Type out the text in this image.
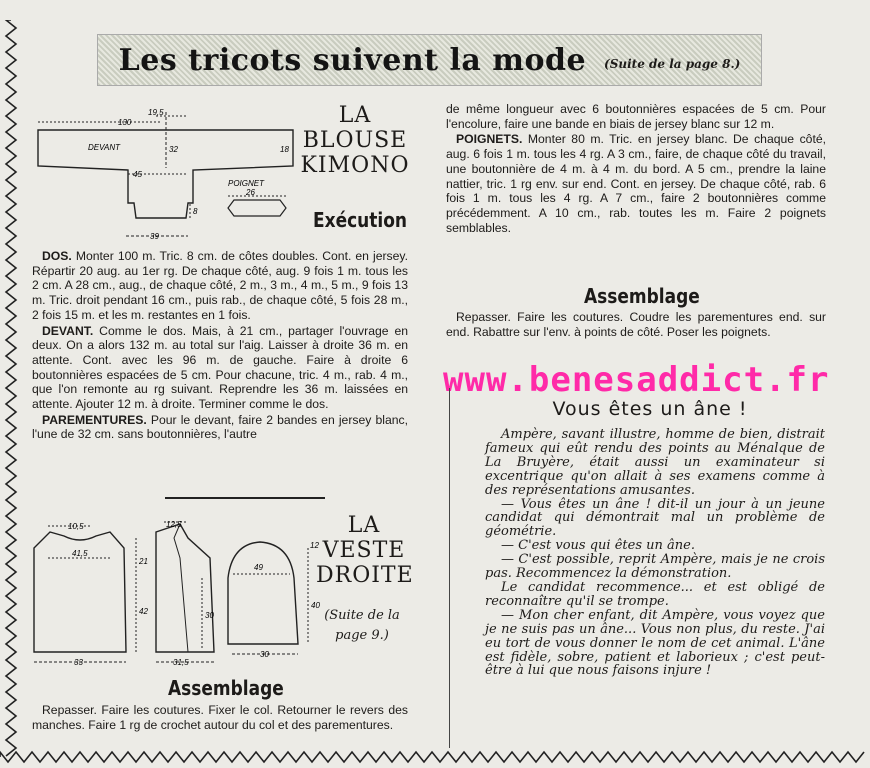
Les tricots suivent la mode (Suite de la page 8.)
19,5
130
DEVANT	32
45
18
8
39
POIGNET
26
LA
BLOUSE
KIMONO
Exécution

DOS. Monter 100 m. Tric. 8 cm. de côtes doubles. Cont. en jersey. Répartir 20 aug. au 1er rg. De chaque côté, aug. 9 fois 1 m. tous les 2 cm. A 28 cm., aug., de chaque côté, 2 m., 3 m., 4 m., 5 m., 9 fois 13 m. Tric. droit pendant 16 cm., puis rab., de chaque côté, 5 fois 28 m., 2 fois 15 m. et les m. restantes en 1 fois.

DEVANT. Comme le dos. Mais, à 21 cm., partager l'ouvrage en deux. On a alors 132 m. au total sur l'aig. Laisser à droite 36 m. en attente. Cont. avec les 96 m. de gauche. Faire à droite 6 boutonnières espacées de 5 cm. Pour chacune, tric. 4 m., rab. 4 m., que l'on remonte au rg suivant. Reprendre les 36 m. laissées en attente. Ajouter 12 m. à droite. Terminer comme le dos.

PAREMENTURES. Pour le devant, faire 2 bandes en jersey blanc, l'une de 32 cm. sans boutonnières, l'autre

10,5
41,5
21
42
33
12,5
31,5
30
49
30
40
12
LA
VESTE
DROITE
(Suite de la
page 9.)
Assemblage

Repasser. Faire les coutures. Fixer le col. Retourner le revers des manches. Faire 1 rg de crochet autour du col et des parementures.

de même longueur avec 6 boutonnières espacées de 5 cm. Pour l'encolure, faire une bande en biais de jersey blanc sur 12 m.

POIGNETS. Monter 80 m. Tric. en jersey blanc. De chaque côté, aug. 6 fois 1 m. tous les 4 rg. A 3 cm., faire, de chaque côté du travail, une boutonnière de 4 m. à 4 m. du bord. A 5 cm., prendre la laine nattier, tric. 1 rg env. sur end. Cont. en jersey. De chaque côté, rab. 6 fois 1 m. tous les 4 rg. A 7 cm., faire 2 boutonnières comme précédemment. A 10 cm., rab. toutes les m. Faire 2 poignets semblables.

Assemblage

Repasser. Faire les coutures. Coudre les parementures end. sur end. Rabattre sur l'env. à points de côté. Poser les poignets.

www.benesaddict.fr
Vous êtes un âne !

Ampère, savant illustre, homme de bien, distrait fameux qui eût rendu des points au Ménalque de La Bruyère, était aussi un examinateur si excentrique qu'on allait à ses examens comme à des représentations amusantes.

— Vous êtes un âne ! dit-il un jour à un jeune candidat qui démontrait mal un problème de géométrie.

— C'est vous qui êtes un âne.

— C'est possible, reprit Ampère, mais je ne crois pas. Recommencez la démonstration.

Le candidat recommence... et est obligé de reconnaître qu'il se trompe.

— Mon cher enfant, dit Ampère, vous voyez que je ne suis pas un âne... Vous non plus, du reste. J'ai eu tort de vous donner le nom de cet animal. L'âne est fidèle, sobre, patient et laborieux ; c'est peut-être à lui que nous faisons injure !
